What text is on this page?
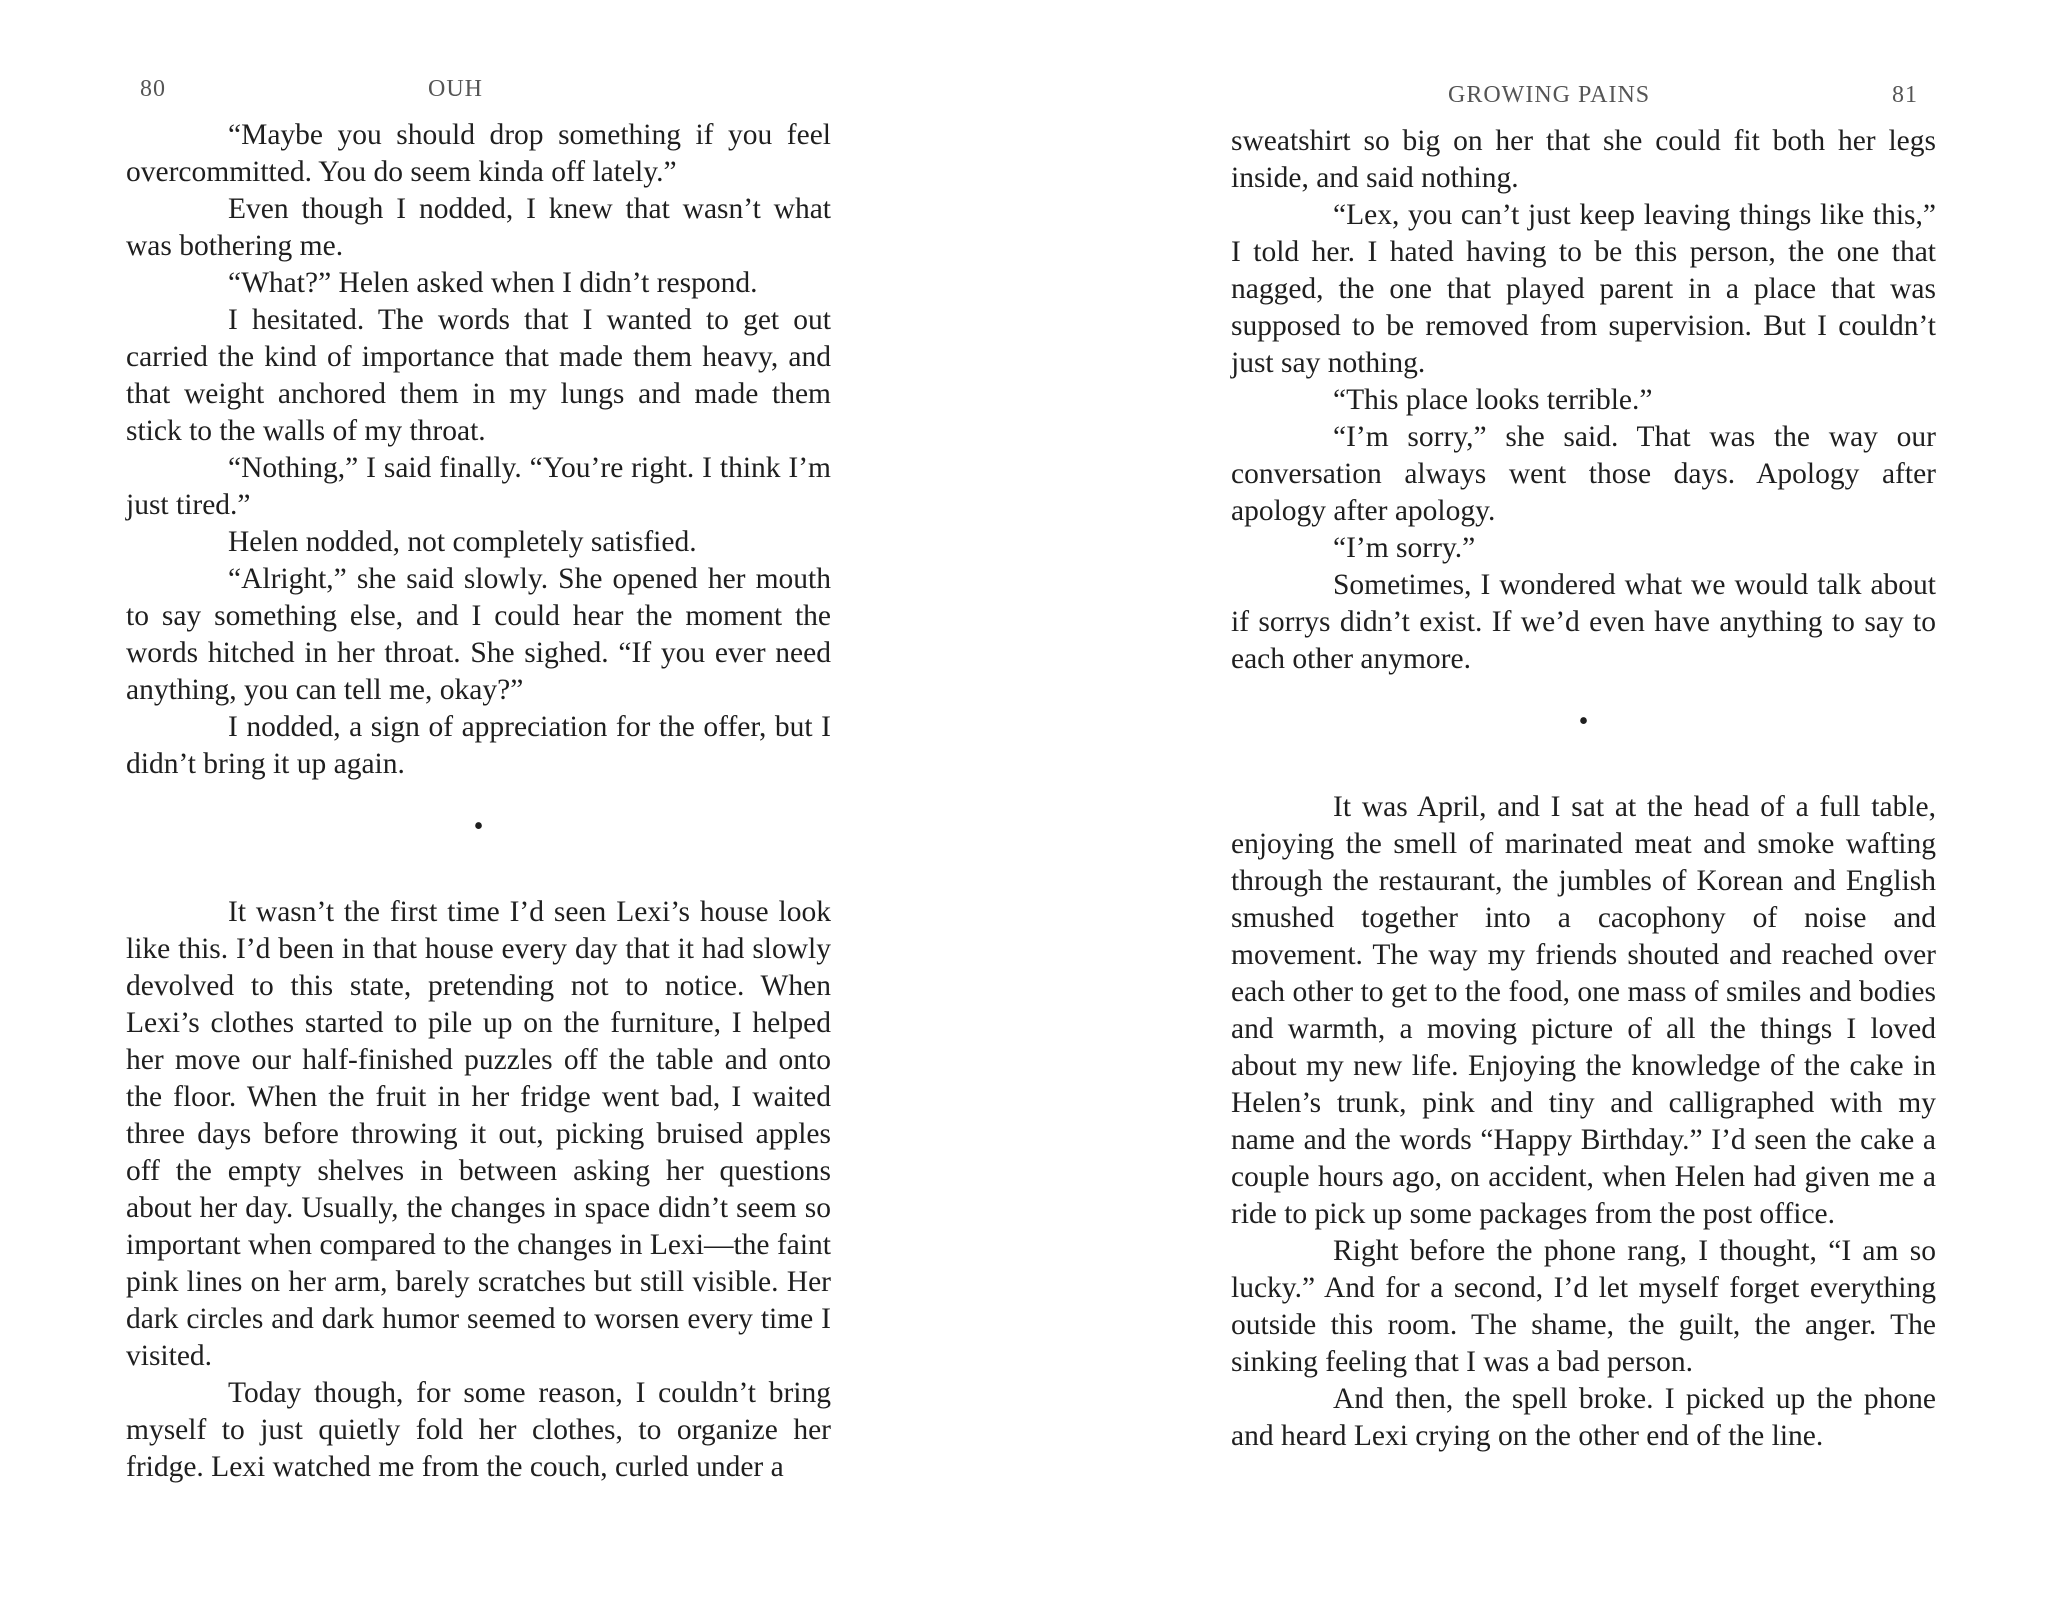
80	OUH

“Maybe you should drop something if you feel overcommitted. You do seem kinda off lately.”

Even though I nodded, I knew that wasn’t what was bothering me.

“What?” Helen asked when I didn’t respond.

I hesitated. The words that I wanted to get out carried the kind of importance that made them heavy, and that weight anchored them in my lungs and made them stick to the walls of my throat.

“Nothing,” I said finally. “You’re right. I think I’m just tired.”

Helen nodded, not completely satisfied.

“Alright,” she said slowly. She opened her mouth to say something else, and I could hear the moment the words hitched in her throat. She sighed. “If you ever need anything, you can tell me, okay?”

I nodded, a sign of appreciation for the offer, but I didn’t bring it up again.

•

It wasn’t the first time I’d seen Lexi’s house look like this. I’d been in that house every day that it had slowly devolved to this state, pretending not to notice. When Lexi’s clothes started to pile up on the furniture, I helped her move our half-finished puzzles off the table and onto the floor. When the fruit in her fridge went bad, I waited three days before throwing it out, picking bruised apples off the empty shelves in between asking her questions about her day. Usually, the changes in space didn’t seem so important when compared to the changes in Lexi—the faint pink lines on her arm, barely scratches but still visible. Her dark circles and dark humor seemed to worsen every time I visited.

Today though, for some reason, I couldn’t bring myself to just quietly fold her clothes, to organize her fridge. Lexi watched me from the couch, curled under a

GROWING PAINS	81

sweatshirt so big on her that she could fit both her legs inside, and said nothing.

“Lex, you can’t just keep leaving things like this,” I told her. I hated having to be this person, the one that nagged, the one that played parent in a place that was supposed to be removed from supervision. But I couldn’t just say nothing.

“This place looks terrible.”

“I’m sorry,” she said. That was the way our conversation always went those days. Apology after apology after apology.

“I’m sorry.”

Sometimes, I wondered what we would talk about if sorrys didn’t exist. If we’d even have anything to say to each other anymore.

•

It was April, and I sat at the head of a full table, enjoying the smell of marinated meat and smoke wafting through the restaurant, the jumbles of Korean and English smushed together into a cacophony of noise and movement. The way my friends shouted and reached over each other to get to the food, one mass of smiles and bodies and warmth, a moving picture of all the things I loved about my new life. Enjoying the knowledge of the cake in Helen’s trunk, pink and tiny and calligraphed with my name and the words “Happy Birthday.” I’d seen the cake a couple hours ago, on accident, when Helen had given me a ride to pick up some packages from the post office.

Right before the phone rang, I thought, “I am so lucky.” And for a second, I’d let myself forget everything outside this room. The shame, the guilt, the anger. The sinking feeling that I was a bad person.

And then, the spell broke. I picked up the phone and heard Lexi crying on the other end of the line.
